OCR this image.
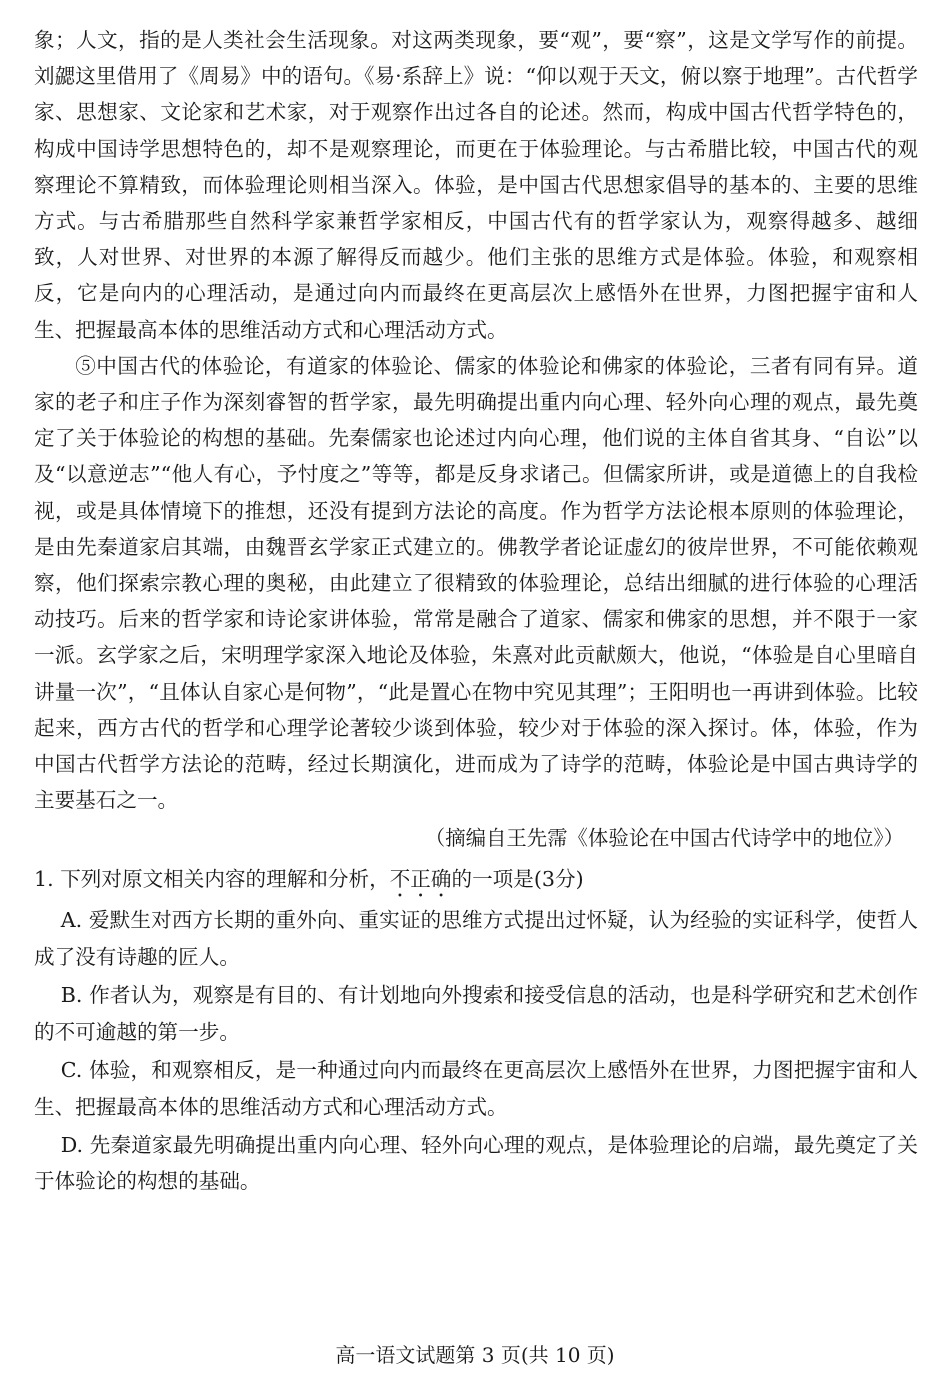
象；人文，指的是人类社会生活现象。对这两类现象，要“观”，要“察”，这是文学写作的前提。刘勰这里借用了《周易》中的语句。《易·系辞上》说：“仰以观于天文，俯以察于地理”。古代哲学家、思想家、文论家和艺术家，对于观察作出过各自的论述。然而，构成中国古代哲学特色的，构成中国诗学思想特色的，却不是观察理论，而更在于体验理论。与古希腊比较，中国古代的观察理论不算精致，而体验理论则相当深入。体验，是中国古代思想家倡导的基本的、主要的思维方式。与古希腊那些自然科学家兼哲学家相反，中国古代有的哲学家认为，观察得越多、越细致，人对世界、对世界的本源了解得反而越少。他们主张的思维方式是体验。体验，和观察相反，它是向内的心理活动，是通过向内而最终在更高层次上感悟外在世界，力图把握宇宙和人生、把握最高本体的思维活动方式和心理活动方式。

⑤中国古代的体验论，有道家的体验论、儒家的体验论和佛家的体验论，三者有同有异。道家的老子和庄子作为深刻睿智的哲学家，最先明确提出重内向心理、轻外向心理的观点，最先奠定了关于体验论的构想的基础。先秦儒家也论述过内向心理，他们说的主体自省其身、“自讼”以及“以意逆志”“他人有心，予忖度之”等等，都是反身求诸己。但儒家所讲，或是道德上的自我检视，或是具体情境下的推想，还没有提到方法论的高度。作为哲学方法论根本原则的体验理论，是由先秦道家启其端，由魏晋玄学家正式建立的。佛教学者论证虚幻的彼岸世界，不可能依赖观察，他们探索宗教心理的奥秘，由此建立了很精致的体验理论，总结出细腻的进行体验的心理活动技巧。后来的哲学家和诗论家讲体验，常常是融合了道家、儒家和佛家的思想，并不限于一家一派。玄学家之后，宋明理学家深入地论及体验，朱熹对此贡献颇大，他说，“体验是自心里暗自讲量一次”，“且体认自家心是何物”，“此是置心在物中究见其理”；王阳明也一再讲到体验。比较起来，西方古代的哲学和心理学论著较少谈到体验，较少对于体验的深入探讨。体，体验，作为中国古代哲学方法论的范畴，经过长期演化，进而成为了诗学的范畴，体验论是中国古典诗学的主要基石之一。

（摘编自王先霈《体验论在中国古代诗学中的地位》）

1. 下列对原文相关内容的理解和分析，不正确的一项是(3分)

A. 爱默生对西方长期的重外向、重实证的思维方式提出过怀疑，认为经验的实证科学，使哲人成了没有诗趣的匠人。

B. 作者认为，观察是有目的、有计划地向外搜索和接受信息的活动，也是科学研究和艺术创作的不可逾越的第一步。

C. 体验，和观察相反，是一种通过向内而最终在更高层次上感悟外在世界，力图把握宇宙和人生、把握最高本体的思维活动方式和心理活动方式。

D. 先秦道家最先明确提出重内向心理、轻外向心理的观点，是体验理论的启端，最先奠定了关于体验论的构想的基础。

高一语文试题第 3 页(共 10 页)
